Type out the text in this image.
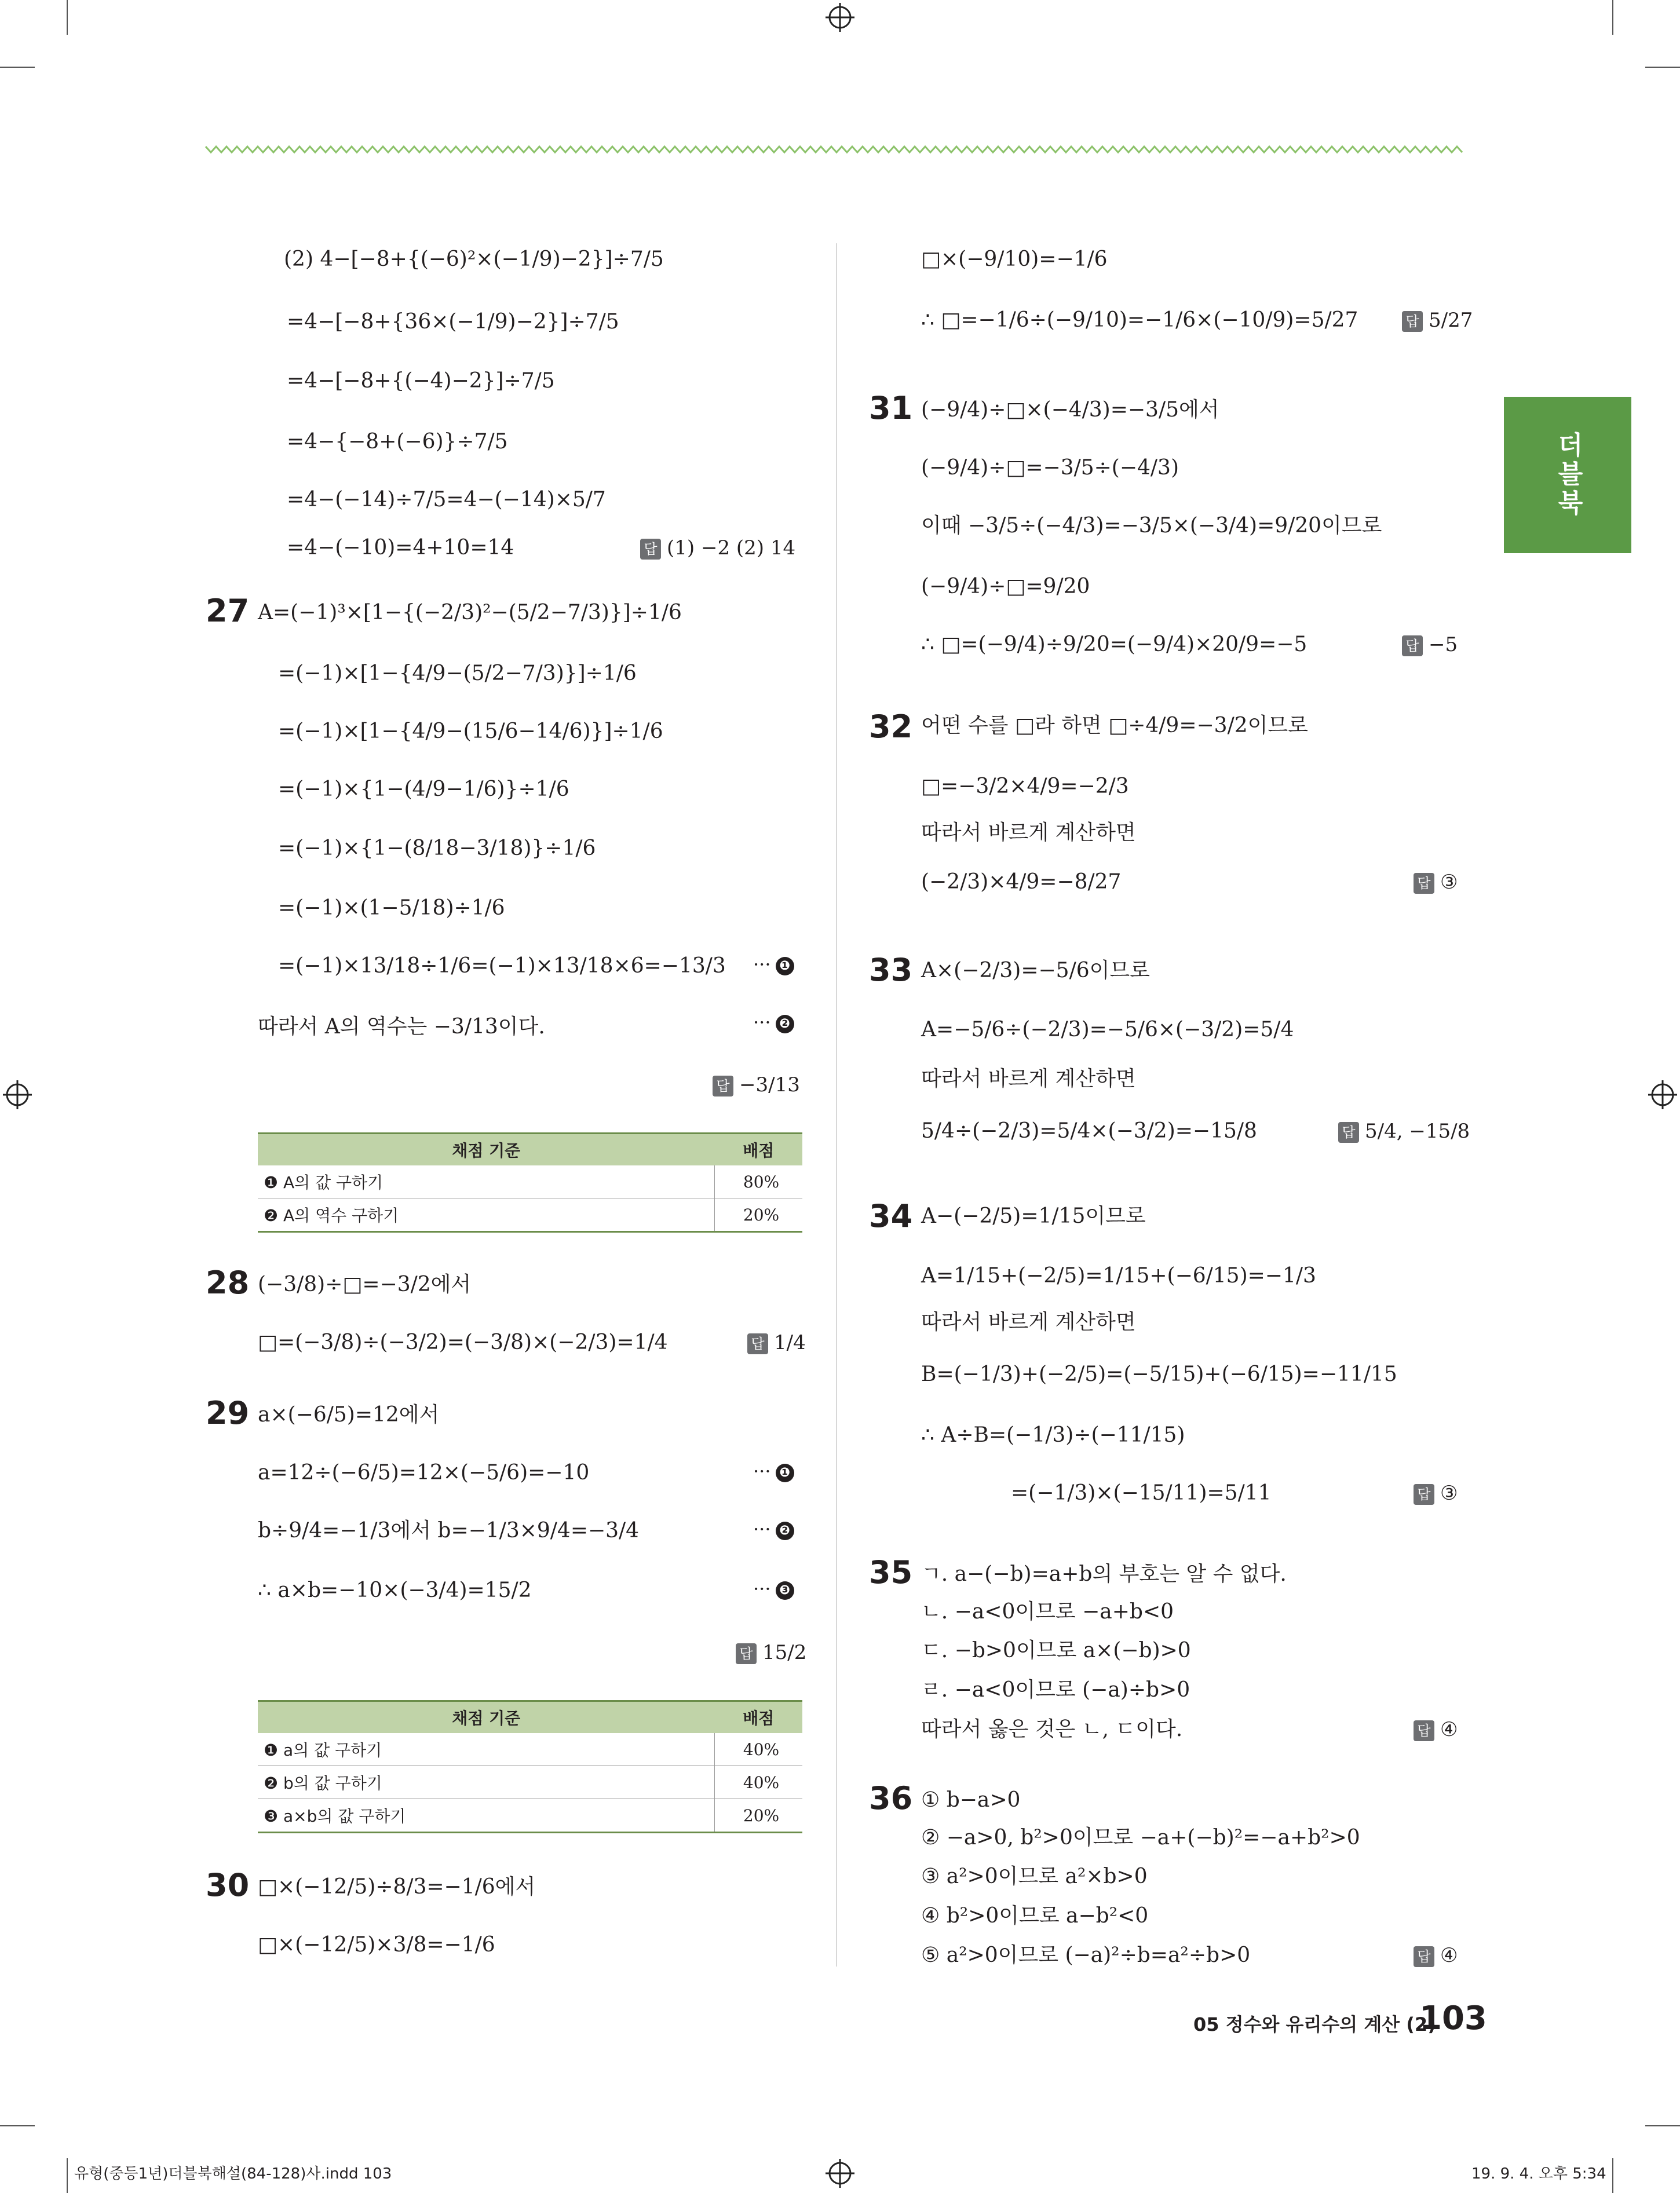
더블북
(2) 4−[−8+{(−6)²×(−1/9)−2}]÷7/5
=4−[−8+{36×(−1/9)−2}]÷7/5
=4−[−8+{(−4)−2}]÷7/5
=4−{−8+(−6)}÷7/5
=4−(−14)÷7/5=4−(−14)×5/7
=4−(−10)=4+10=14	답 (1) −2 (2) 14
27 A=(−1)³×[1−{(−2/3)²−(5/2−7/3)}]÷1/6
=(−1)×[1−{4/9−(5/2−7/3)}]÷1/6
=(−1)×[1−{4/9−(15/6−14/6)}]÷1/6
=(−1)×{1−(4/9−1/6)}÷1/6
=(−1)×{1−(8/18−3/18)}÷1/6
=(−1)×(1−5/18)÷1/6
=(−1)×13/18÷1/6=(−1)×13/18×6=−13/3 ··· ❶
따라서 A의 역수는 −3/13이다.	··· ❷
답 −3/13
채점 기준	배점
❶ A의 값 구하기	80%
❷ A의 역수 구하기	20%
28 (−3/8)÷□=−3/2에서
□=(−3/8)÷(−3/2)=(−3/8)×(−2/3)=1/4	답 1/4
29 a×(−6/5)=12에서
a=12÷(−6/5)=12×(−5/6)=−10	··· ❶
b÷9/4=−1/3에서 b=−1/3×9/4=−3/4	··· ❷
∴ a×b=−10×(−3/4)=15/2	··· ❸
답 15/2
채점 기준	배점
❶ a의 값 구하기	40%
❷ b의 값 구하기	40%
❸ a×b의 값 구하기	20%
30 □×(−12/5)÷8/3=−1/6에서
□×(−12/5)×3/8=−1/6
□×(−9/10)=−1/6
∴ □=−1/6÷(−9/10)=−1/6×(−10/9)=5/27	답 5/27
31 (−9/4)÷□×(−4/3)=−3/5에서
(−9/4)÷□=−3/5÷(−4/3)
이때 −3/5÷(−4/3)=−3/5×(−3/4)=9/20이므로
(−9/4)÷□=9/20
∴ □=(−9/4)÷9/20=(−9/4)×20/9=−5	답 −5
32 어떤 수를 □라 하면 □÷4/9=−3/2이므로
□=−3/2×4/9=−2/3
따라서 바르게 계산하면
(−2/3)×4/9=−8/27	답 ③
33 A×(−2/3)=−5/6이므로
A=−5/6÷(−2/3)=−5/6×(−3/2)=5/4
따라서 바르게 계산하면
5/4÷(−2/3)=5/4×(−3/2)=−15/8	답 5/4, −15/8
34 A−(−2/5)=1/15이므로
A=1/15+(−2/5)=1/15+(−6/15)=−1/3
따라서 바르게 계산하면
B=(−1/3)+(−2/5)=(−5/15)+(−6/15)=−11/15
∴ A÷B=(−1/3)÷(−11/15)
=(−1/3)×(−15/11)=5/11	답 ③
35 ㄱ. a−(−b)=a+b의 부호는 알 수 없다.
ㄴ. −a<0이므로 −a+b<0
ㄷ. −b>0이므로 a×(−b)>0
ㄹ. −a<0이므로 (−a)÷b>0
따라서 옳은 것은 ㄴ, ㄷ이다.	답 ④
36 ① b−a>0
② −a>0, b²>0이므로 −a+(−b)²=−a+b²>0
③ a²>0이므로 a²×b>0
④ b²>0이므로 a−b²<0
⑤ a²>0이므로 (−a)²÷b=a²÷b>0	답 ④
05 정수와 유리수의 계산 (2)
103
유형(중등1년)더블북해설(84-128)사.indd 103	19. 9. 4. 오후 5:34
